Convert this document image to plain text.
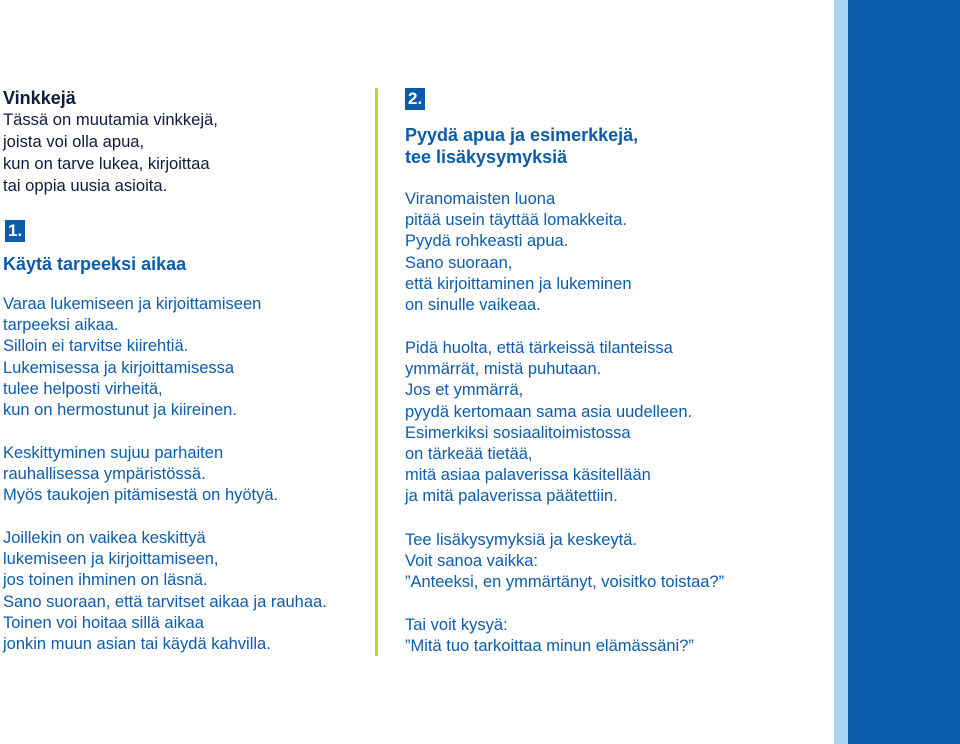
Vinkkejä
Tässä on muutamia vinkkejä,
joista voi olla apua,
kun on tarve lukea, kirjoittaa
tai oppia uusia asioita.
1.
Käytä tarpeeksi aikaa
Varaa lukemiseen ja kirjoittamiseen
tarpeeksi aikaa.
Silloin ei tarvitse kiirehtiä.
Lukemisessa ja kirjoittamisessa
tulee helposti virheitä,
kun on hermostunut ja kiireinen.
Keskittyminen sujuu parhaiten
rauhallisessa ympäristössä.
Myös taukojen pitämisestä on hyötyä.
Joillekin on vaikea keskittyä
lukemiseen ja kirjoittamiseen,
jos toinen ihminen on läsnä.
Sano suoraan, että tarvitset aikaa ja rauhaa.
Toinen voi hoitaa sillä aikaa
jonkin muun asian tai käydä kahvilla.
2.
Pyydä apua ja esimerkkejä,
tee lisäkysymyksiä
Viranomaisten luona
pitää usein täyttää lomakkeita.
Pyydä rohkeasti apua.
Sano suoraan,
että kirjoittaminen ja lukeminen
on sinulle vaikeaa.
Pidä huolta, että tärkeissä tilanteissa
ymmärrät, mistä puhutaan.
Jos et ymmärrä,
pyydä kertomaan sama asia uudelleen.
Esimerkiksi sosiaalitoimistossa
on tärkeää tietää,
mitä asiaa palaverissa käsitellään
ja mitä palaverissa päätettiin.
Tee lisäkysymyksiä ja keskeytä.
Voit sanoa vaikka:
”Anteeksi, en ymmärtänyt, voisitko toistaa?”
Tai voit kysyä:
”Mitä tuo tarkoittaa minun elämässäni?”
